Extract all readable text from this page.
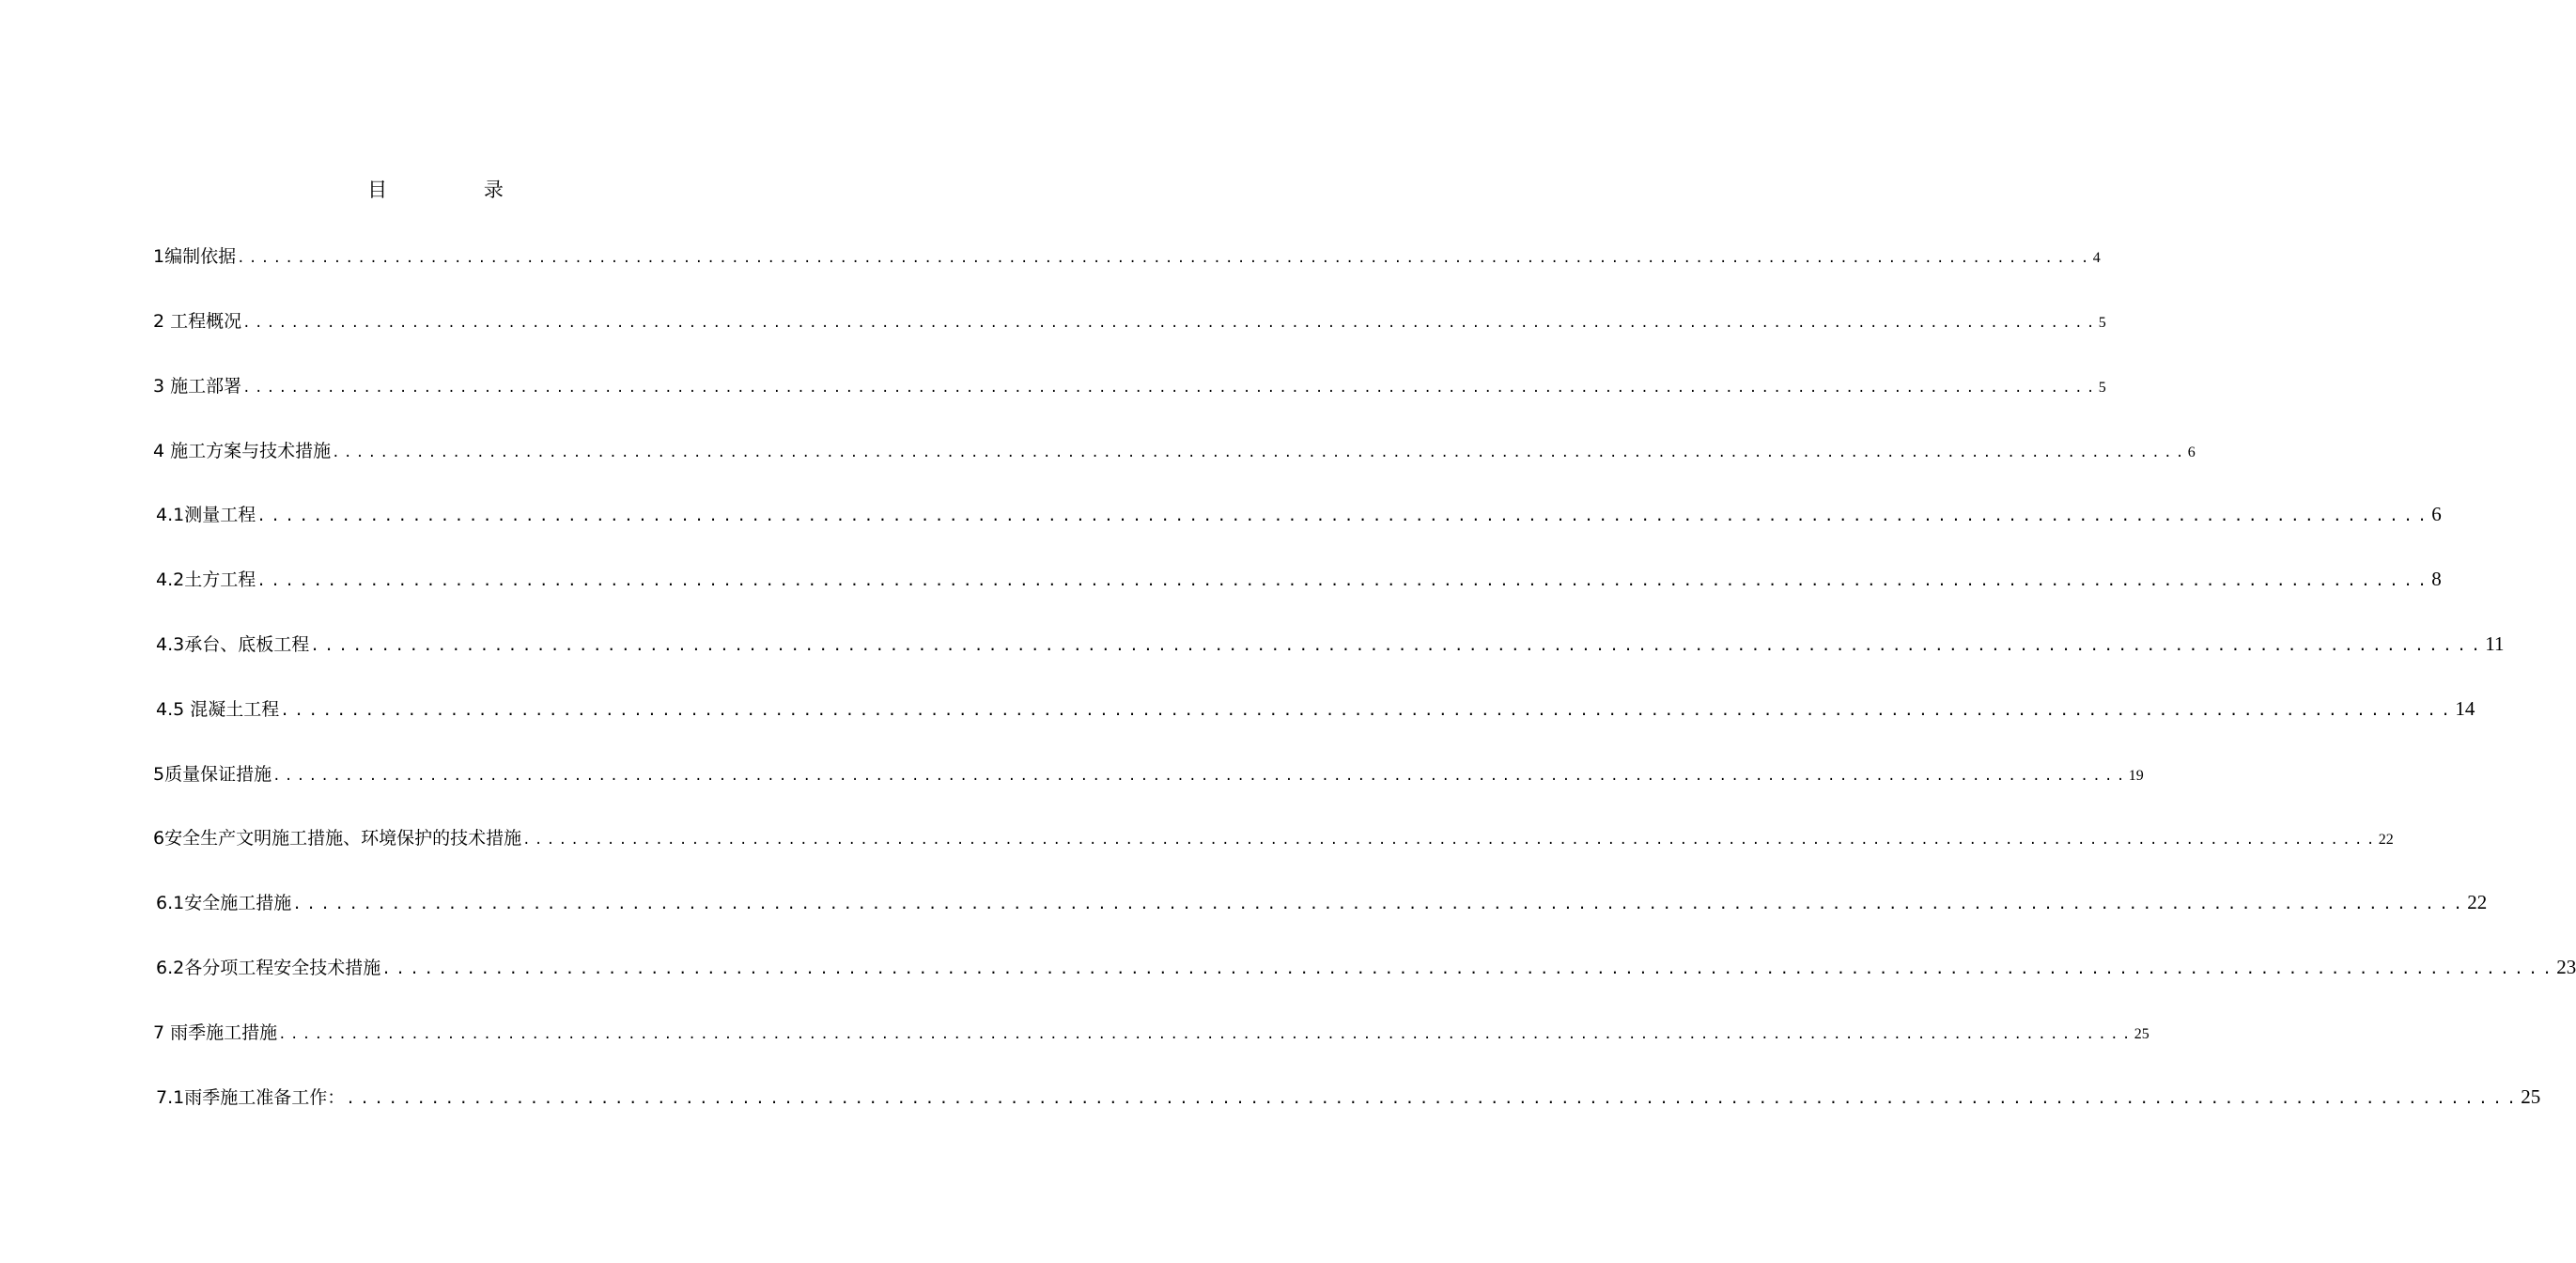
目 录
1编制依据 .......................................................................................................................................................... 4
2 工程概况 .......................................................................................................................................................... 5
3 施工部署 .......................................................................................................................................................... 5
4 施工方案与技术措施 .......................................................................................................................................................... 6
4.1测量工程 .......................................................................................................................................................... 6
4.2土方工程 .......................................................................................................................................................... 8
4.3承台、底板工程 .......................................................................................................................................................... 11
4.5 混凝土工程 .......................................................................................................................................................... 14
5质量保证措施 .......................................................................................................................................................... 19
6安全生产文明施工措施、环境保护的技术措施 .......................................................................................................................................................... 22
6.1安全施工措施 .......................................................................................................................................................... 22
6.2各分项工程安全技术措施 .......................................................................................................................................................... 23
7 雨季施工措施 .......................................................................................................................................................... 25
7.1雨季施工准备工作： .......................................................................................................................................................... 25
